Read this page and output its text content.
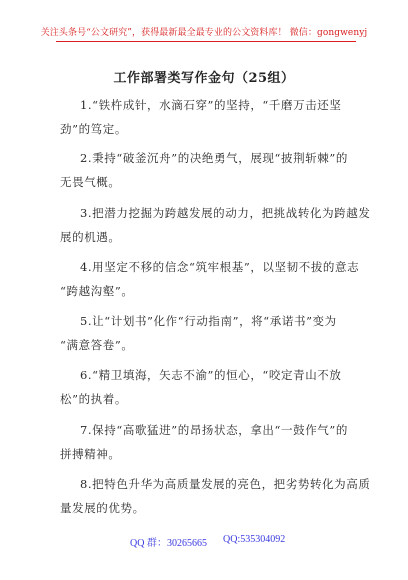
关注头条号“公文研究”，获得最新最全最专业的公文资料库！ 微信：gongwenyj
工作部署类写作金句（25组）
1.“铁杵成针，水滴石穿”的坚持，“千磨万击还坚
劲”的笃定。
2.秉持“破釜沉舟”的决绝勇气，展现“披荆斩棘”的
无畏气概。
3.把潜力挖掘为跨越发展的动力，把挑战转化为跨越发
展的机遇。
4.用坚定不移的信念“筑牢根基”，以坚韧不拔的意志
“跨越沟壑”。
5.让“计划书”化作“行动指南”，将“承诺书”变为
“满意答卷”。
6.“精卫填海，矢志不渝”的恒心，“咬定青山不放
松”的执着。
7.保持“高歌猛进”的昂扬状态，拿出“一鼓作气”的
拼搏精神。
8.把特色升华为高质量发展的亮色，把劣势转化为高质
量发展的优势。
QQ 群：30265665 QQ:535304092
